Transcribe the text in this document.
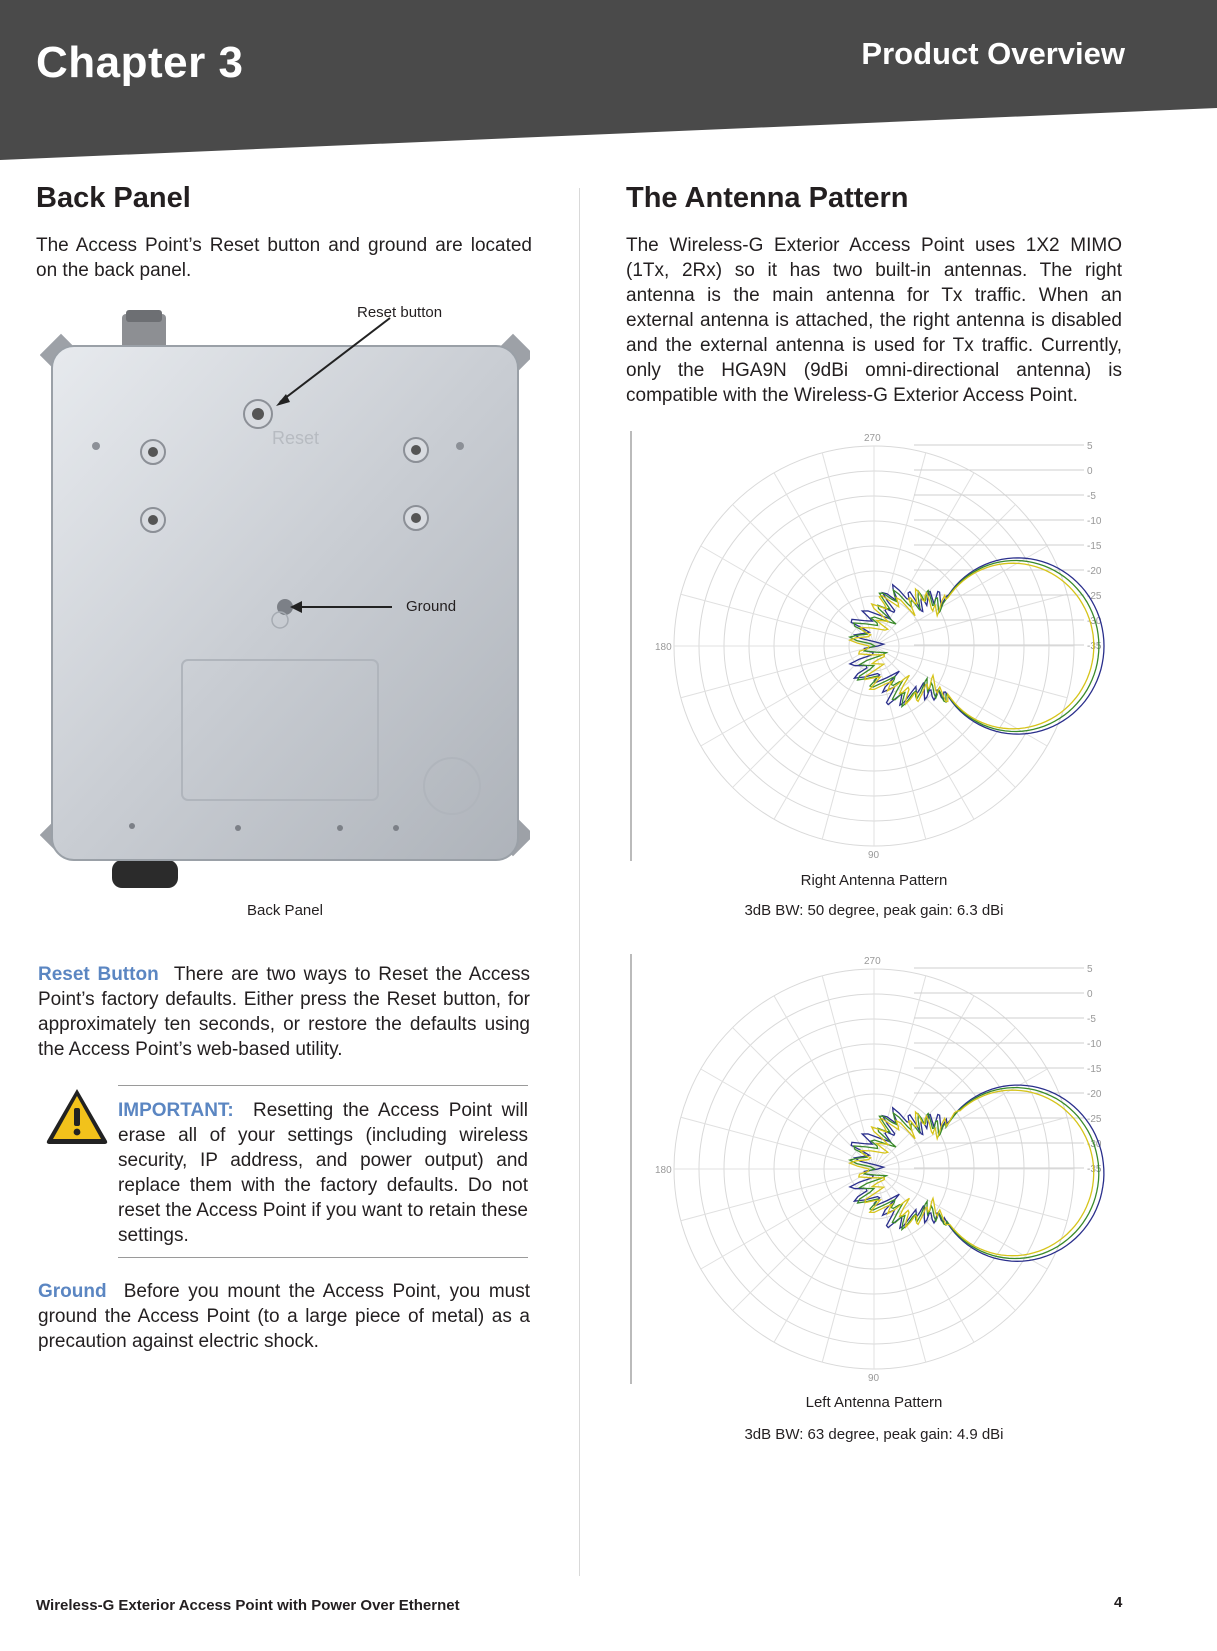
Chapter 3	Product Overview
Back Panel
The Access Point’s Reset button and ground are located on the back panel.
Reset
Reset button
Ground
Back Panel
Reset Button There are two ways to Reset the Access Point’s factory defaults. Either press the Reset button, for approximately ten seconds, or restore the defaults using the Access Point’s web-based utility.
IMPORTANT: Resetting the Access Point will erase all of your settings (including wireless security, IP address, and power output) and replace them with the factory defaults. Do not reset the Access Point if you want to retain these settings.
Ground Before you mount the Access Point, you must ground the Access Point (to a large piece of metal) as a precaution against electric shock.
The Antenna Pattern
The Wireless-G Exterior Access Point uses 1X2 MIMO (1Tx, 2Rx) so it has two built-in antennas. The right antenna is the main antenna for Tx traffic. When an external antenna is attached, the right antenna is disabled and the external antenna is used for Tx traffic. Currently, only the HGA9N (9dBi omni-directional antenna) is compatible with the Wireless-G Exterior Access Point.
270
180
90
5
0
-5
-10
-15
-20
-25
-30
-35
Right Antenna Pattern
3dB BW: 50 degree, peak gain: 6.3 dBi
270
180
90
5
0
-5
-10
-15
-20
-25
-30
-35
Left Antenna Pattern
3dB BW: 63 degree, peak gain: 4.9 dBi
Wireless-G Exterior Access Point with Power Over Ethernet	4
